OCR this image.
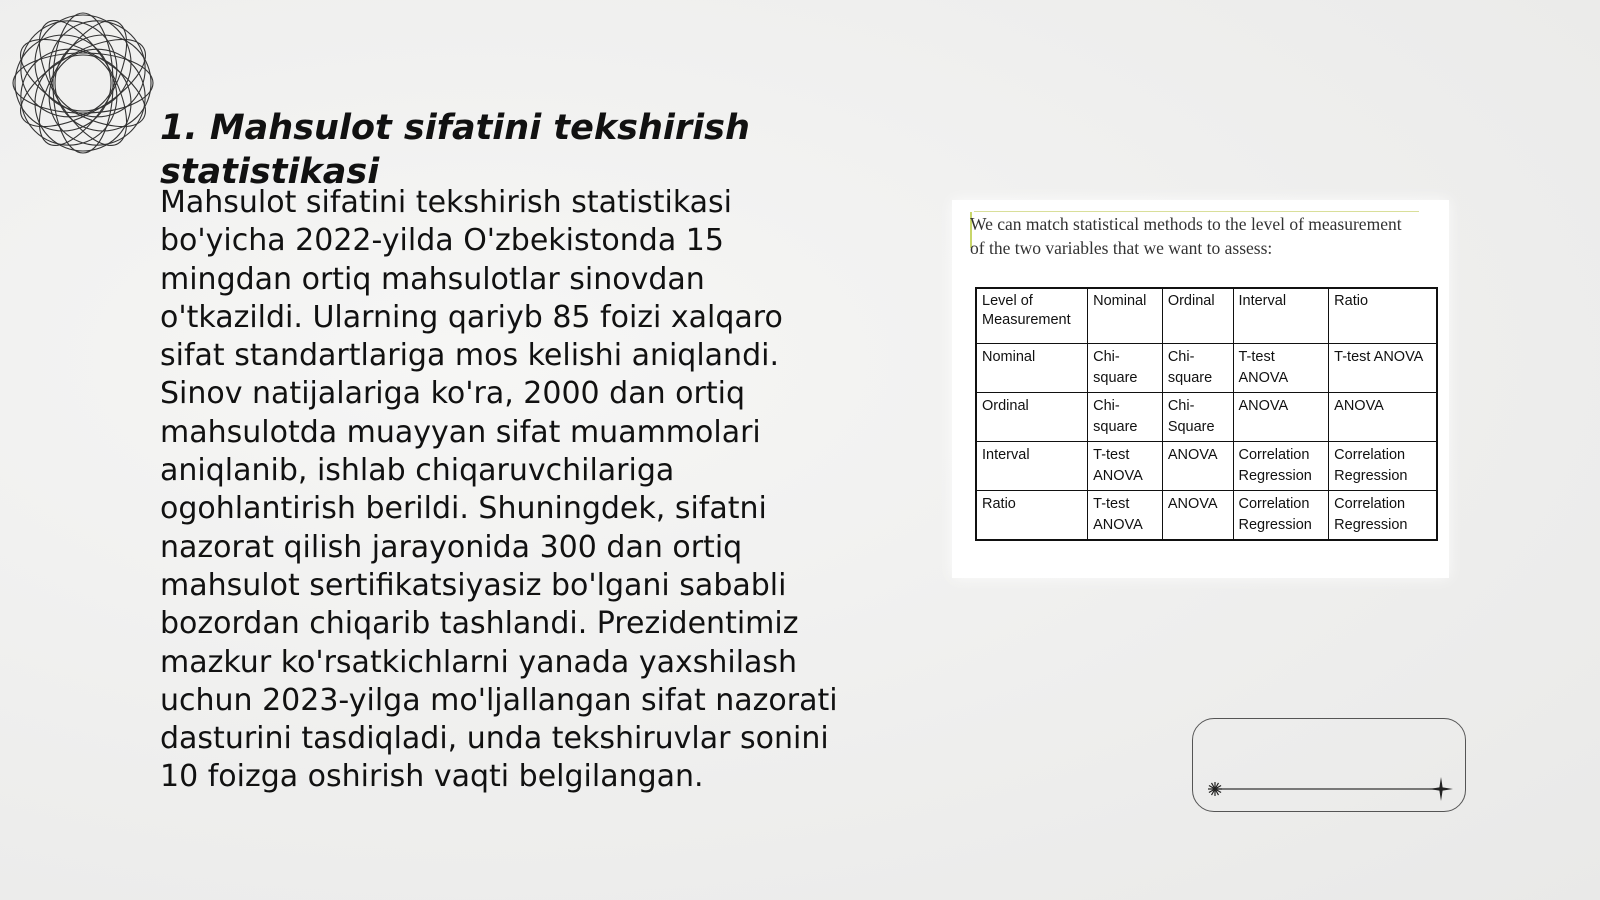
1. Mahsulot sifatini tekshirish statistikasi

Mahsulot sifatini tekshirish statistikasi bo'yicha 2022-yilda O'zbekistonda 15 mingdan ortiq mahsulotlar sinovdan o'tkazildi. Ularning qariyb 85 foizi xalqaro sifat standartlariga mos kelishi aniqlandi. Sinov natijalariga ko'ra, 2000 dan ortiq mahsulotda muayyan sifat muammolari aniqlanib, ishlab chiqaruvchilariga ogohlantirish berildi. Shuningdek, sifatni nazorat qilish jarayonida 300 dan ortiq mahsulot sertifikatsiyasiz bo'lgani sababli bozordan chiqarib tashlandi. Prezidentimiz mazkur ko'rsatkichlarni yanada yaxshilash uchun 2023-yilga mo'ljallangan sifat nazorati dasturini tasdiqladi, unda tekshiruvlar sonini 10 foizga oshirish vaqti belgilangan.

We can match statistical methods to the level of measurement of the two variables that we want to assess:

Level of Measurement	Nominal	Ordinal	Interval	Ratio
Nominal	Chi-square	Chi-square	T-test ANOVA	T-test ANOVA
Ordinal	Chi-square	Chi-Square	ANOVA	ANOVA
Interval	T-test ANOVA	ANOVA	Correlation Regression	Correlation Regression
Ratio	T-test ANOVA	ANOVA	Correlation Regression	Correlation Regression
